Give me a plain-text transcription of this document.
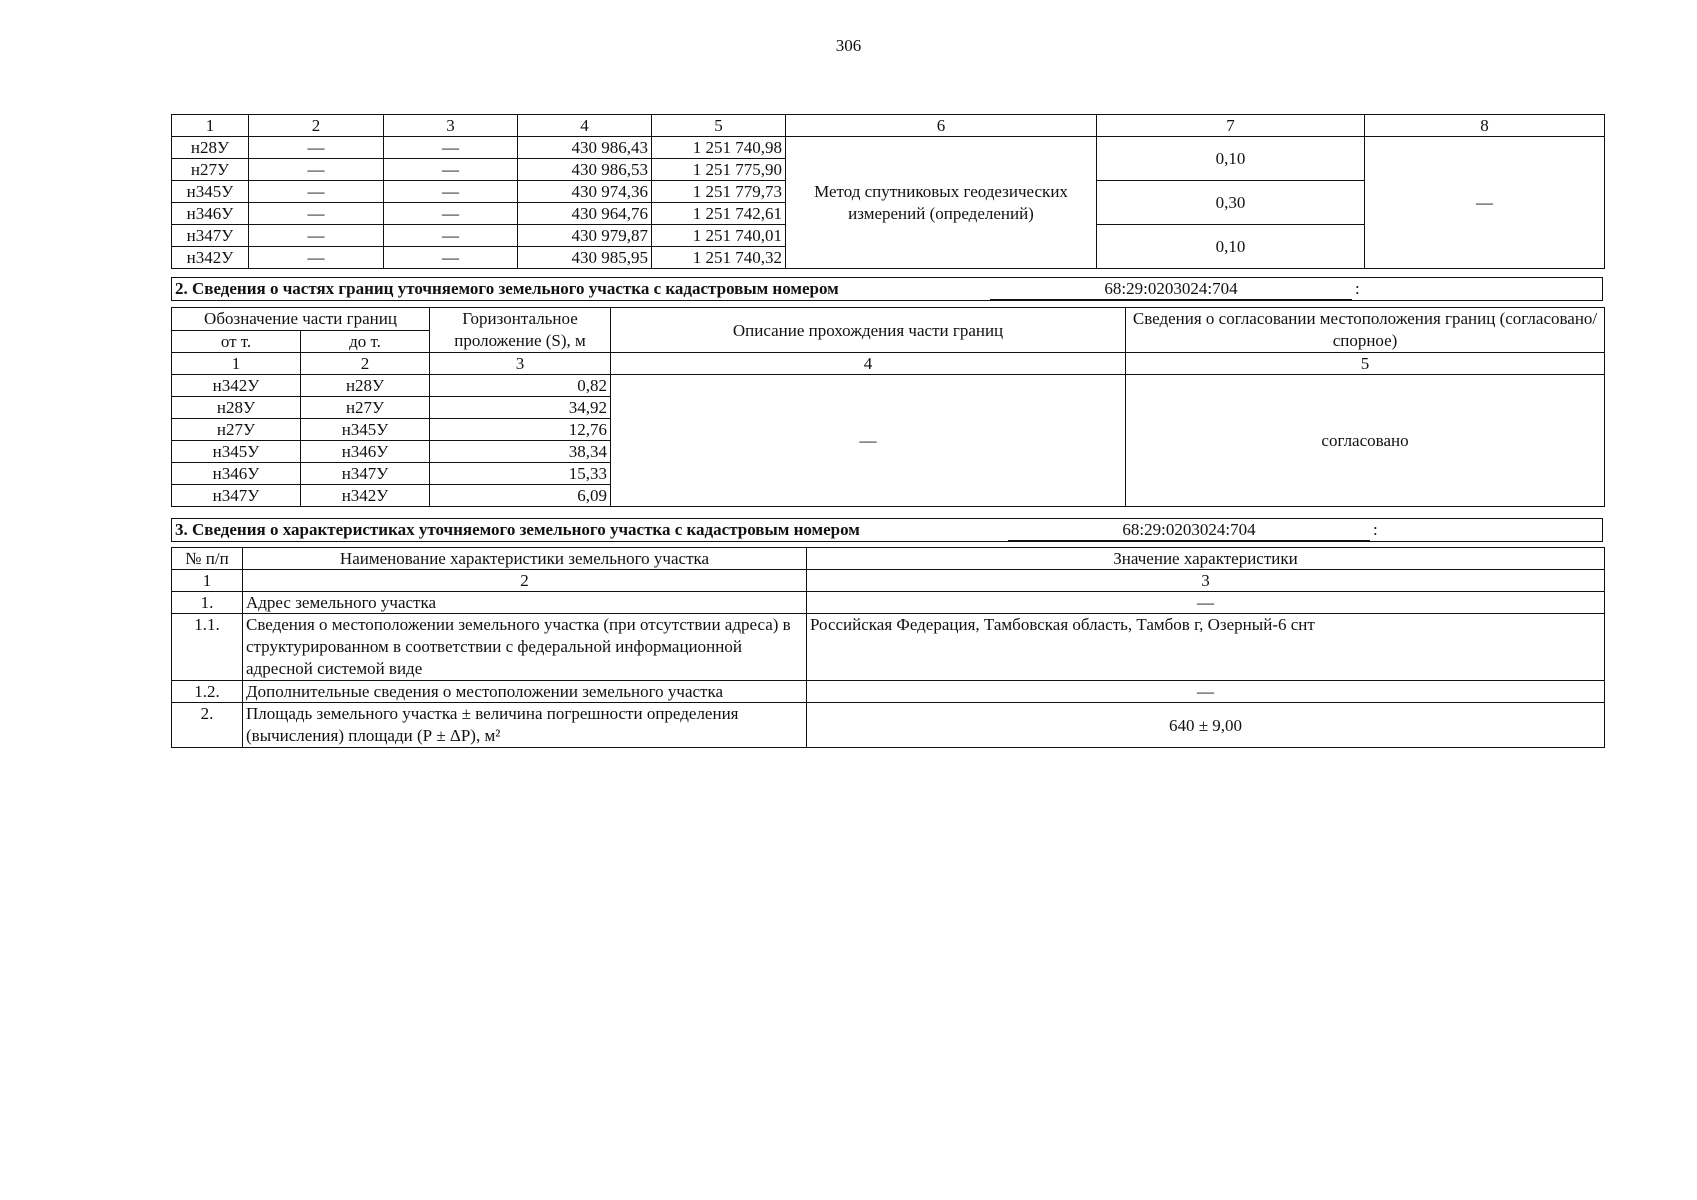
306
1	2	3	4	5	6	7	8
н28У	—	—	430 986,43	1 251 740,98	Метод спутниковых геодезических измерений (определений)	0,10	—
н27У	—	—	430 986,53	1 251 775,90			
н345У	—	—	430 974,36	1 251 779,73		0,30	
н346У	—	—	430 964,76	1 251 742,61			
н347У	—	—	430 979,87	1 251 740,01		0,10	
н342У	—	—	430 985,95	1 251 740,32			
2. Сведения о частях границ уточняемого земельного участка с кадастровым номером	68:29:0203024:704	:
Обозначение части границ		Горизонтальное проложение (S), м	Описание прохождения части границ	Сведения о согласовании местоположения границ (согласовано/спорное)
от т.	до т.			
1	2	3	4	5
н342У	н28У	0,82	—	согласовано
н28У	н27У	34,92		
н27У	н345У	12,76		
н345У	н346У	38,34		
н346У	н347У	15,33		
н347У	н342У	6,09		
3. Сведения о характеристиках уточняемого земельного участка с кадастровым номером	68:29:0203024:704	:
№ п/п	Наименование характеристики земельного участка	Значение характеристики
1	2	3
1.	Адрес земельного участка	—
1.1.	Сведения о местоположении земельного участка (при отсутствии адреса) в структурированном в соответствии с федеральной информационной адресной системой виде	Российская Федерация, Тамбовская область, Тамбов г, Озерный-6 снт
1.2.	Дополнительные сведения о местоположении земельного участка	—
2.	Площадь земельного участка ± величина погрешности определения (вычисления) площади (Р ± ΔР), м²	640 ± 9,00
